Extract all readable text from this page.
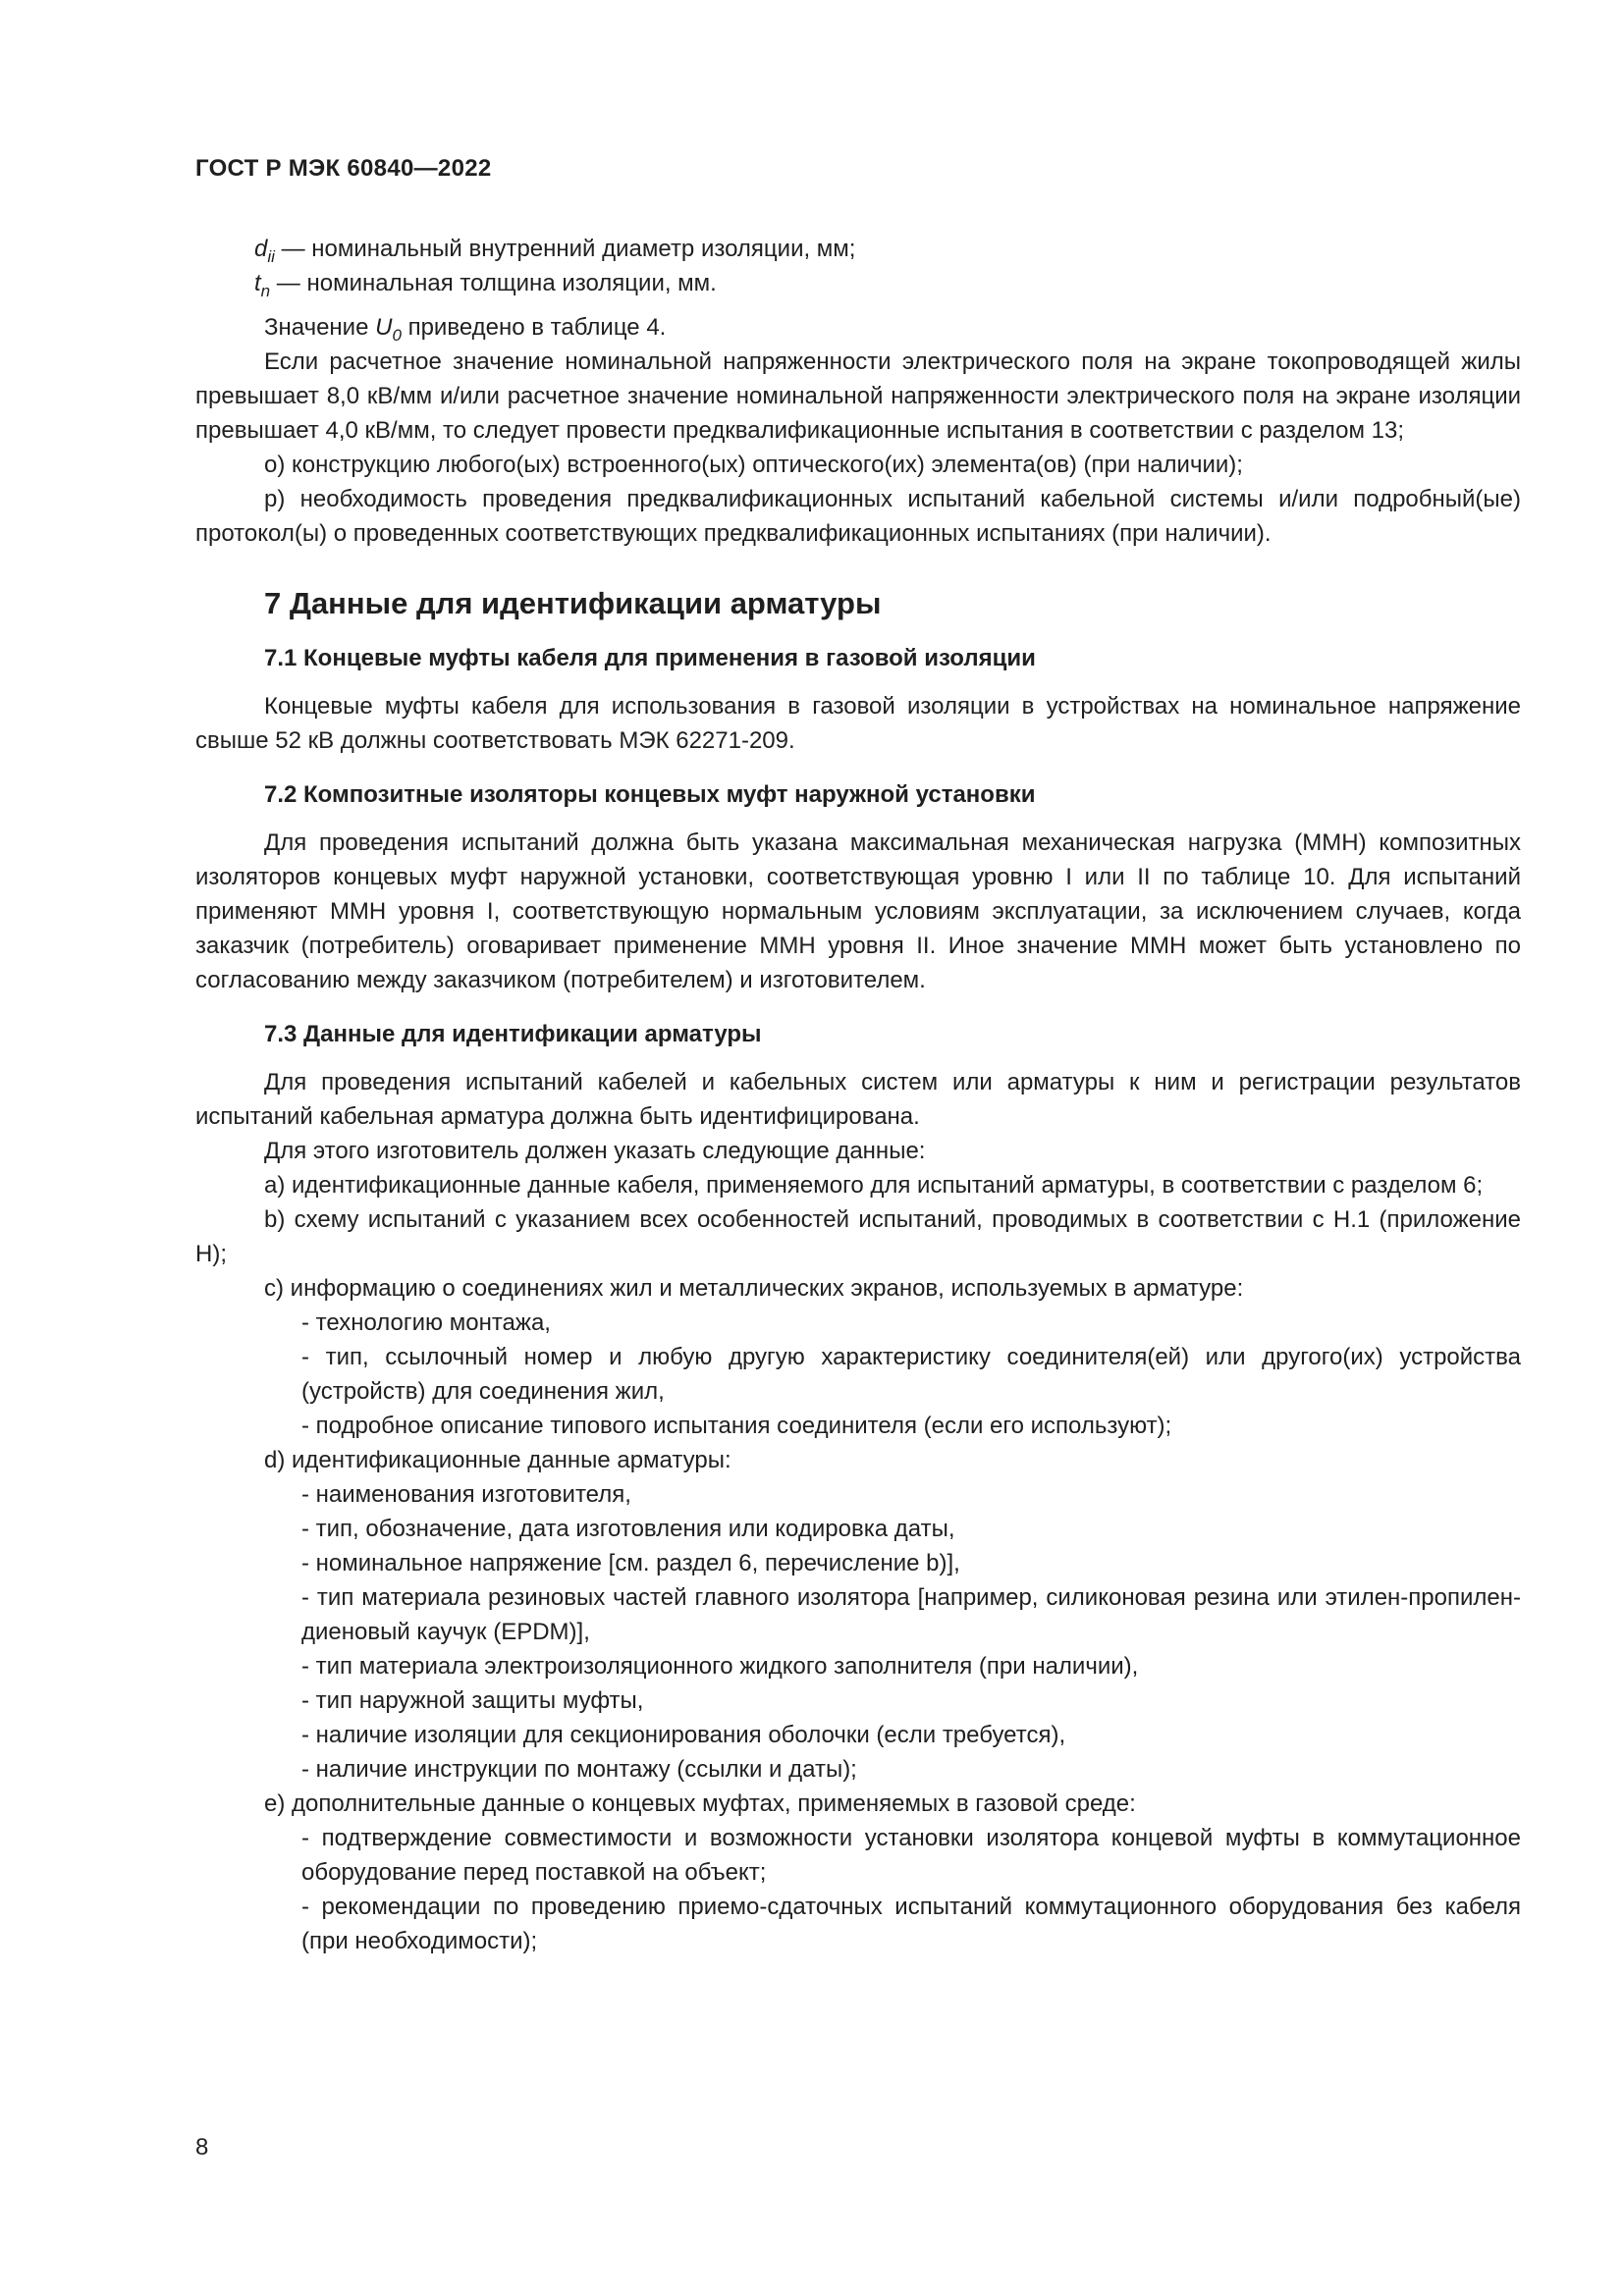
ГОСТ Р МЭК 60840—2022

$d_{ii}$ — номинальный внутренний диаметр изоляции, мм;

$t_n$ — номинальная толщина изоляции, мм.

Значение $U_0$ приведено в таблице 4.

Если расчетное значение номинальной напряженности электрического поля на экране токопроводящей жилы превышает 8,0 кВ/мм и/или расчетное значение номинальной напряженности электрического поля на экране изоляции превышает 4,0 кВ/мм, то следует провести предквалификационные испытания в соответствии с разделом 13;

o) конструкцию любого(ых) встроенного(ых) оптического(их) элемента(ов) (при наличии);

p) необходимость проведения предквалификационных испытаний кабельной системы и/или подробный(ые) протокол(ы) о проведенных соответствующих предквалификационных испытаниях (при наличии).

7 Данные для идентификации арматуры
7.1 Концевые муфты кабеля для применения в газовой изоляции

Концевые муфты кабеля для использования в газовой изоляции в устройствах на номинальное напряжение свыше 52 кВ должны соответствовать МЭК 62271-209.

7.2 Композитные изоляторы концевых муфт наружной установки

Для проведения испытаний должна быть указана максимальная механическая нагрузка (ММН) композитных изоляторов концевых муфт наружной установки, соответствующая уровню I или II по таблице 10. Для испытаний применяют ММН уровня I, соответствующую нормальным условиям эксплуатации, за исключением случаев, когда заказчик (потребитель) оговаривает применение ММН уровня II. Иное значение ММН может быть установлено по согласованию между заказчиком (потребителем) и изготовителем.

7.3 Данные для идентификации арматуры

Для проведения испытаний кабелей и кабельных систем или арматуры к ним и регистрации результатов испытаний кабельная арматура должна быть идентифицирована.

Для этого изготовитель должен указать следующие данные:

a) идентификационные данные кабеля, применяемого для испытаний арматуры, в соответствии с разделом 6;

b) схему испытаний с указанием всех особенностей испытаний, проводимых в соответствии с H.1 (приложение H);

c) информацию о соединениях жил и металлических экранов, используемых в арматуре:

- технологию монтажа,

- тип, ссылочный номер и любую другую характеристику соединителя(ей) или другого(их) устройства (устройств) для соединения жил,

- подробное описание типового испытания соединителя (если его используют);

d) идентификационные данные арматуры:

- наименования изготовителя,

- тип, обозначение, дата изготовления или кодировка даты,

- номинальное напряжение [см. раздел 6, перечисление b)],

- тип материала резиновых частей главного изолятора [например, силиконовая резина или этилен-пропилен-диеновый каучук (EPDM)],

- тип материала электроизоляционного жидкого заполнителя (при наличии),

- тип наружной защиты муфты,

- наличие изоляции для секционирования оболочки (если требуется),

- наличие инструкции по монтажу (ссылки и даты);

e) дополнительные данные о концевых муфтах, применяемых в газовой среде:

- подтверждение совместимости и возможности установки изолятора концевой муфты в коммутационное оборудование перед поставкой на объект;

- рекомендации по проведению приемо-сдаточных испытаний коммутационного оборудования без кабеля (при необходимости);

8
